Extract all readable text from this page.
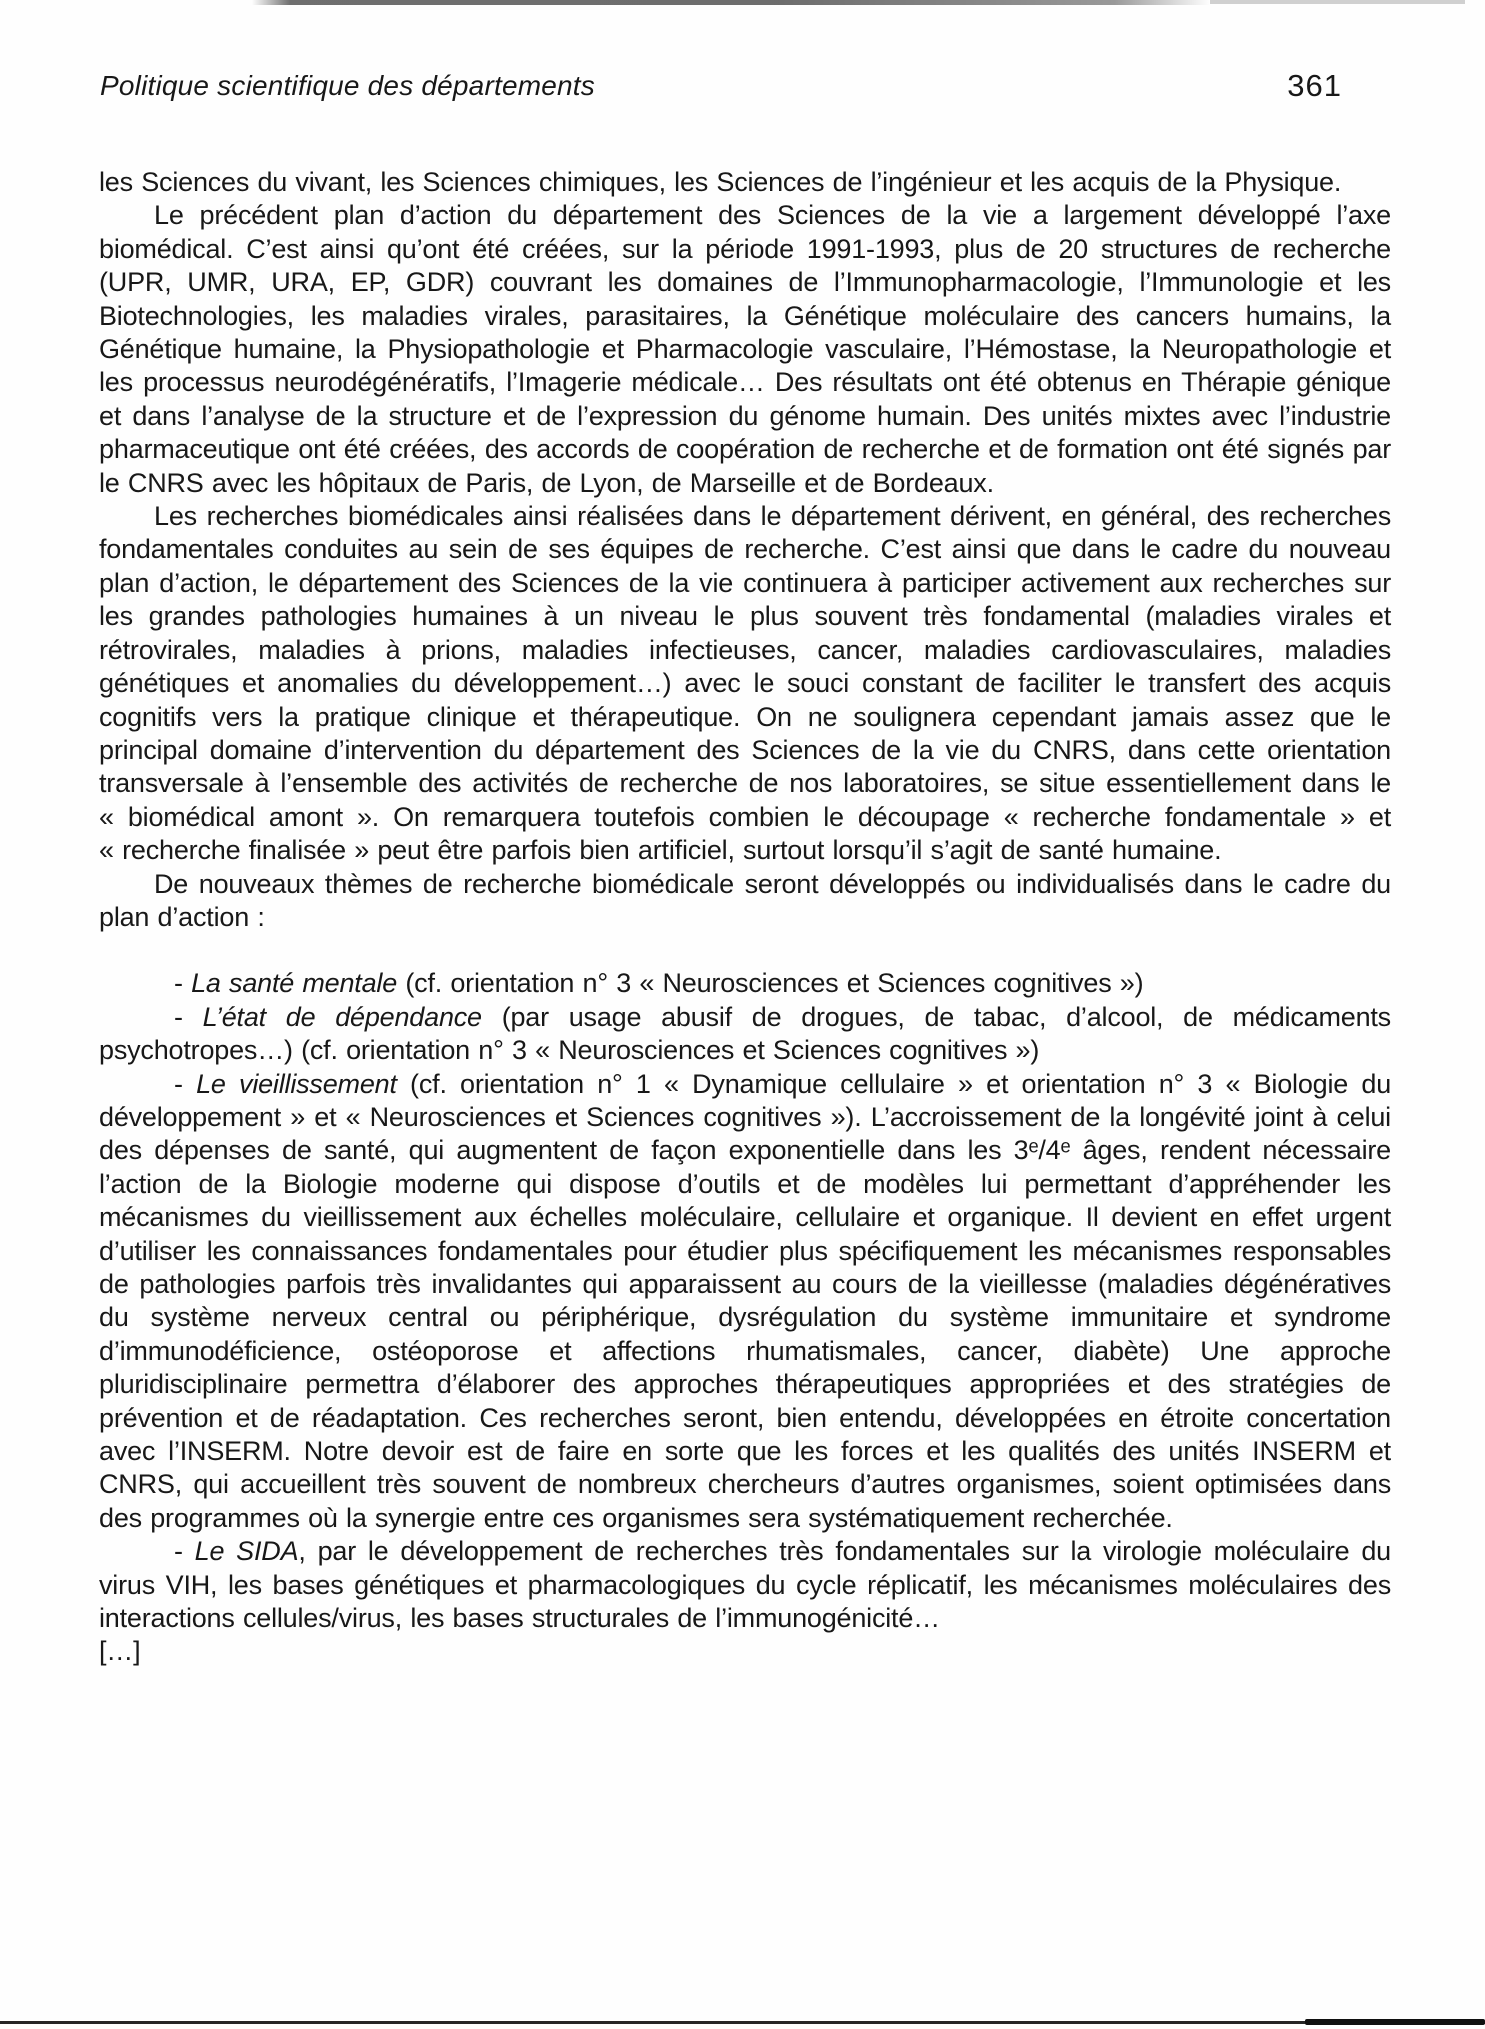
Politique scientifique des départements	361

les Sciences du vivant, les Sciences chimiques, les Sciences de l’ingénieur et les acquis de la Physique.

Le précédent plan d’action du département des Sciences de la vie a largement développé l’axe biomédical. C’est ainsi qu’ont été créées, sur la période 1991-1993, plus de 20 structures de recherche (UPR, UMR, URA, EP, GDR) couvrant les domaines de l’Immunopharmacologie, l’Immunologie et les Biotechnologies, les maladies virales, parasitaires, la Génétique moléculaire des cancers humains, la Génétique humaine, la Physiopathologie et Pharmacologie vasculaire, l’Hémostase, la Neuropathologie et les processus neurodégénératifs, l’Imagerie médicale… Des résultats ont été obtenus en Thérapie génique et dans l’analyse de la structure et de l’expression du génome humain. Des unités mixtes avec l’industrie pharmaceutique ont été créées, des accords de coopération de recherche et de formation ont été signés par le CNRS avec les hôpitaux de Paris, de Lyon, de Marseille et de Bordeaux.

Les recherches biomédicales ainsi réalisées dans le département dérivent, en général, des recherches fondamentales conduites au sein de ses équipes de recherche. C’est ainsi que dans le cadre du nouveau plan d’action, le département des Sciences de la vie continuera à participer activement aux recherches sur les grandes pathologies humaines à un niveau le plus souvent très fondamental (maladies virales et rétrovirales, maladies à prions, maladies infectieuses, cancer, maladies cardiovasculaires, maladies génétiques et anomalies du développement…) avec le souci constant de faciliter le transfert des acquis cognitifs vers la pratique clinique et thérapeutique. On ne soulignera cependant jamais assez que le principal domaine d’intervention du département des Sciences de la vie du CNRS, dans cette orientation transversale à l’ensemble des activités de recherche de nos laboratoires, se situe essentiellement dans le « biomédical amont ». On remarquera toutefois combien le découpage « recherche fondamentale » et « recherche finalisée » peut être parfois bien artificiel, surtout lorsqu’il s’agit de santé humaine.

De nouveaux thèmes de recherche biomédicale seront développés ou individualisés dans le cadre du plan d’action :

- La santé mentale (cf. orientation n° 3 « Neurosciences et Sciences cognitives »)

- L’état de dépendance (par usage abusif de drogues, de tabac, d’alcool, de médicaments psychotropes…) (cf. orientation n° 3 « Neurosciences et Sciences cognitives »)

- Le vieillissement (cf. orientation n° 1 « Dynamique cellulaire » et orientation n° 3 « Biologie du développement » et « Neurosciences et Sciences cognitives »). L’accroissement de la longévité joint à celui des dépenses de santé, qui augmentent de façon exponentielle dans les 3ᵉ/4ᵉ âges, rendent nécessaire l’action de la Biologie moderne qui dispose d’outils et de modèles lui permettant d’appréhender les mécanismes du vieillissement aux échelles moléculaire, cellulaire et organique. Il devient en effet urgent d’utiliser les connaissances fondamentales pour étudier plus spécifiquement les mécanismes responsables de pathologies parfois très invalidantes qui apparaissent au cours de la vieillesse (maladies dégénératives du système nerveux central ou périphérique, dysrégulation du système immunitaire et syndrome d’immunodéficience, ostéoporose et affections rhumatismales, cancer, diabète) Une approche pluridisciplinaire permettra d’élaborer des approches thérapeutiques appropriées et des stratégies de prévention et de réadaptation. Ces recherches seront, bien entendu, développées en étroite concertation avec l’INSERM. Notre devoir est de faire en sorte que les forces et les qualités des unités INSERM et CNRS, qui accueillent très souvent de nombreux chercheurs d’autres organismes, soient optimisées dans des programmes où la synergie entre ces organismes sera systématiquement recherchée.

- Le SIDA, par le développement de recherches très fondamentales sur la virologie moléculaire du virus VIH, les bases génétiques et pharmacologiques du cycle réplicatif, les mécanismes moléculaires des interactions cellules/virus, les bases structurales de l’immunogénicité…

[…]
